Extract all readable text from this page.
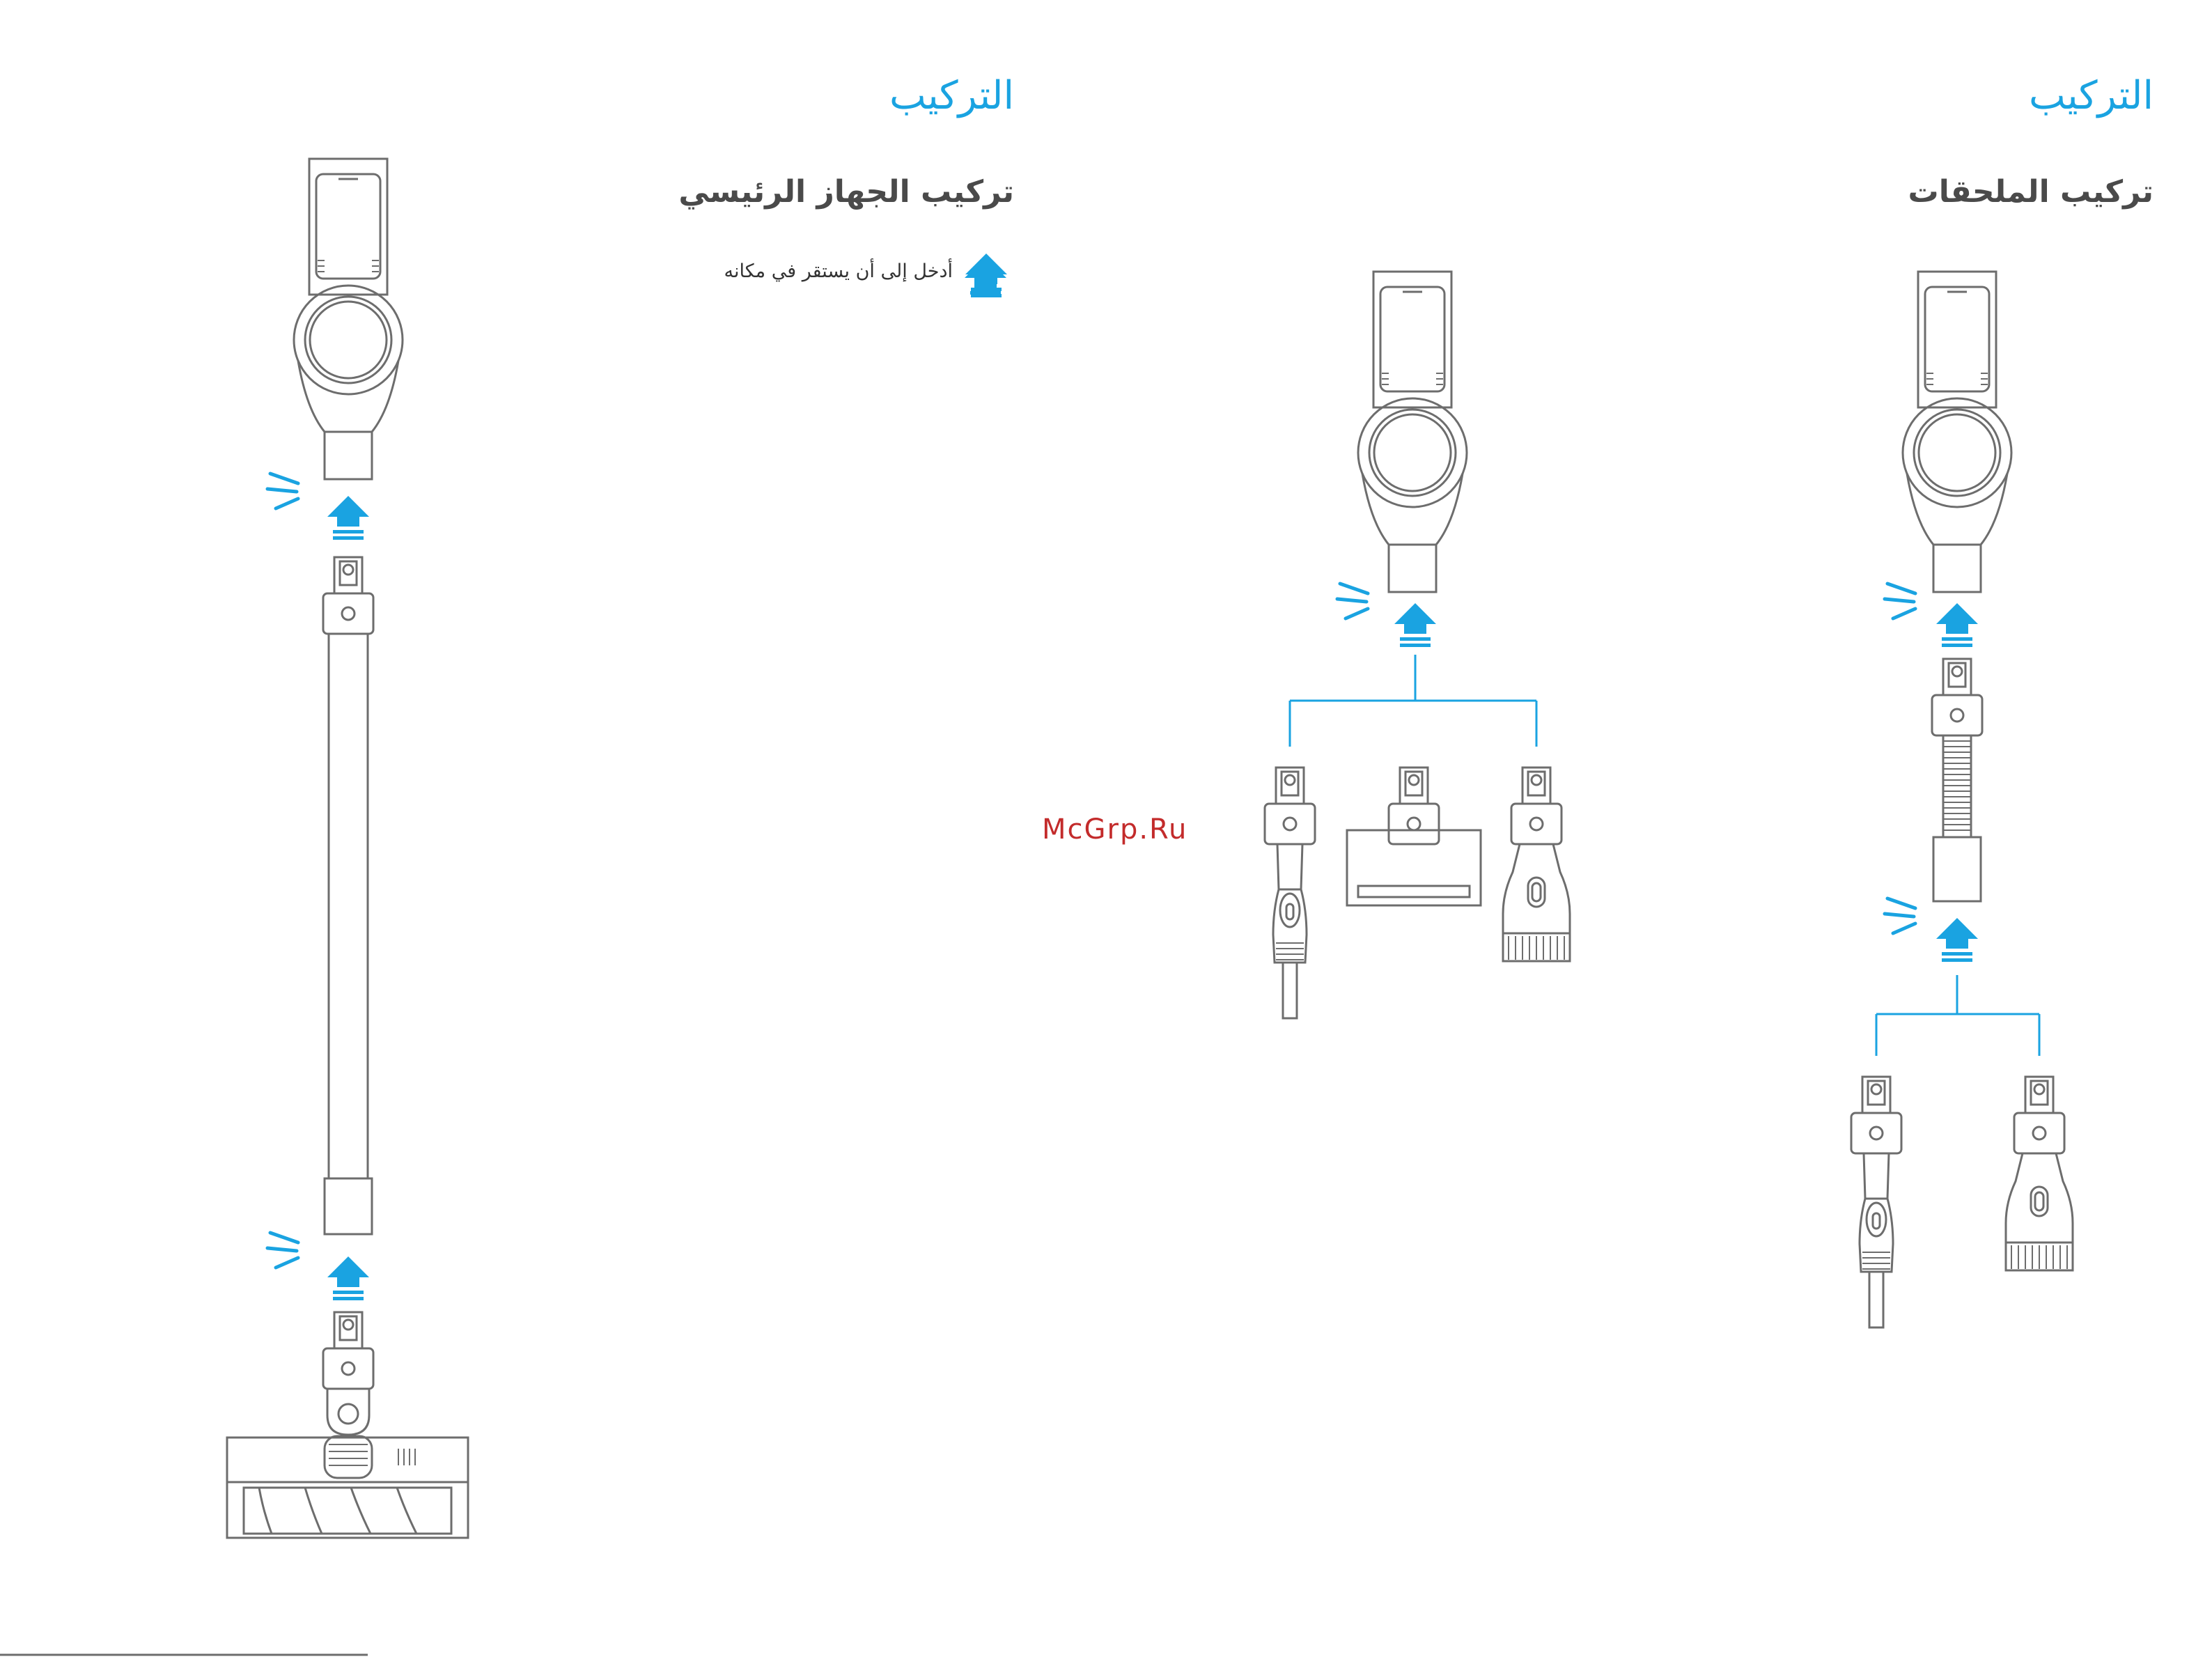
التركيب
تركيب الجهاز الرئيسي
أدخل إلى أن يستقر في مكانه
التركيب
تركيب الملحقات
McGrp.Ru
